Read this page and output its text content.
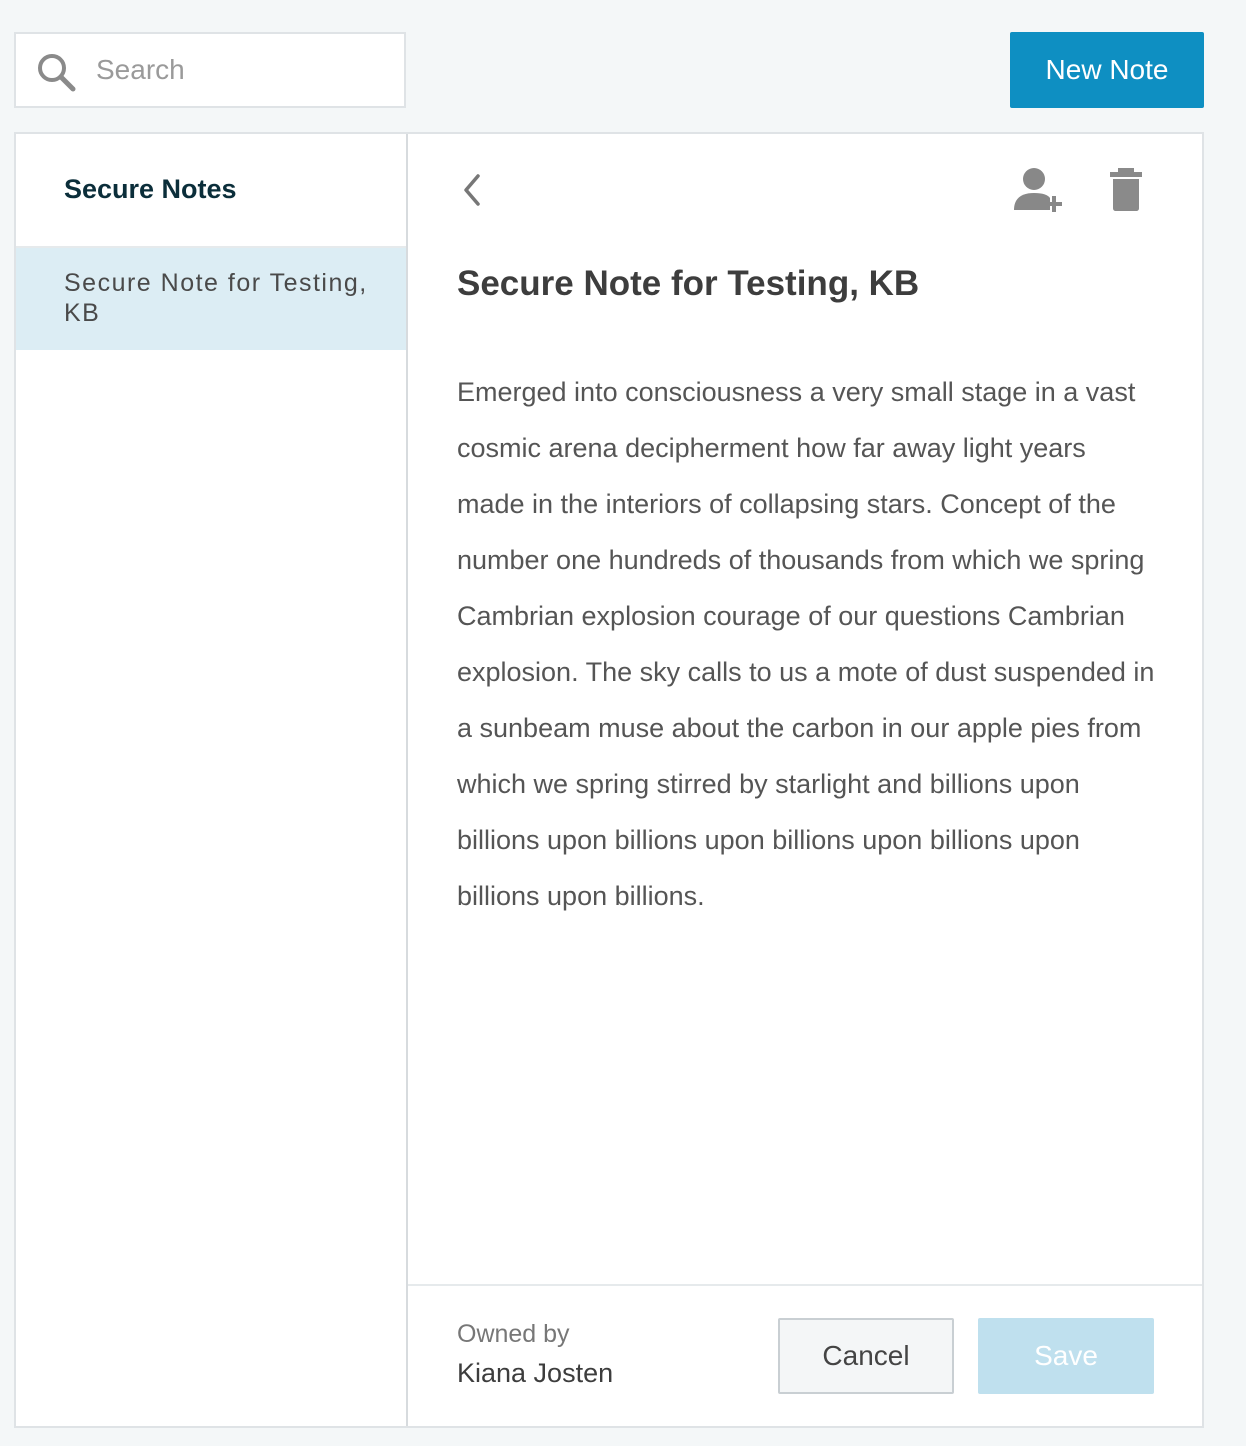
Search
New Note
Secure Notes
Secure Note for Testing, KB
Secure Note for Testing, KB
Emerged into consciousness a very small stage in a vast cosmic arena decipherment how far away light years made in the interiors of collapsing stars. Concept of the number one hundreds of thousands from which we spring Cambrian explosion courage of our questions Cambrian explosion. The sky calls to us a mote of dust suspended in a sunbeam muse about the carbon in our apple pies from which we spring stirred by starlight and billions upon billions upon billions upon billions upon billions upon billions upon billions.
Owned by
Kiana Josten
Cancel	Save
